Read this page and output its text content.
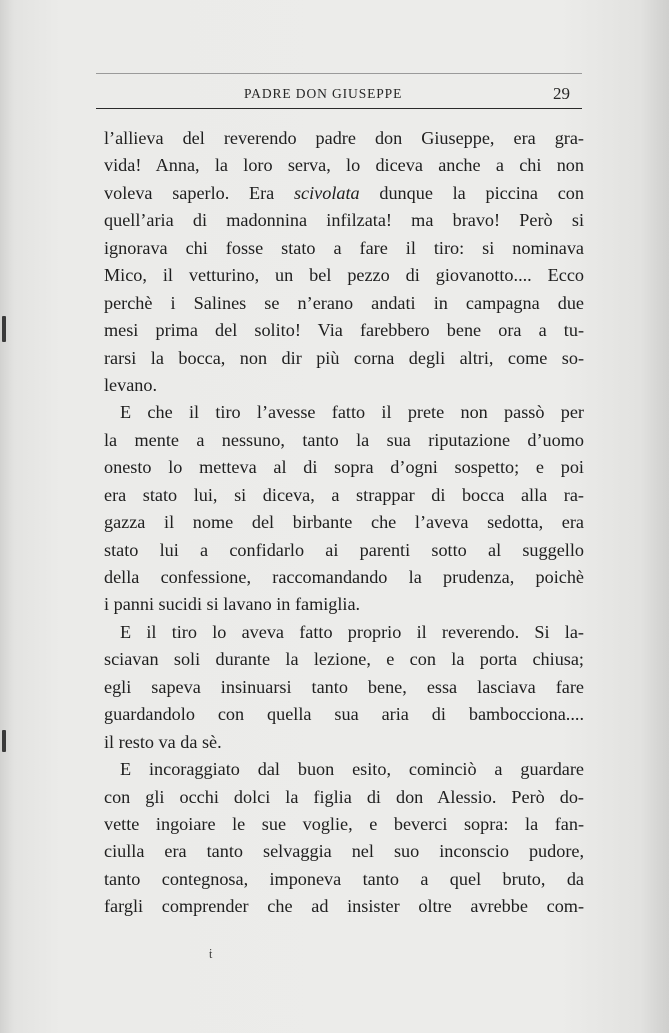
PADRE DON GIUSEPPE	29
l’allieva del reverendo padre don Giuseppe, era gra-
vida! Anna, la loro serva, lo diceva anche a chi non
voleva saperlo. Era scivolata dunque la piccina con
quell’aria di madonnina infilzata! ma bravo! Però si
ignorava chi fosse stato a fare il tiro: si nominava
Mico, il vetturino, un bel pezzo di giovanotto.... Ecco
perchè i Salines se n’erano andati in campagna due
mesi prima del solito! Via farebbero bene ora a tu-
rarsi la bocca, non dir più corna degli altri, come so-
levano.
E che il tiro l’avesse fatto il prete non passò per
la mente a nessuno, tanto la sua riputazione d’uomo
onesto lo metteva al di sopra d’ogni sospetto; e poi
era stato lui, si diceva, a strappar di bocca alla ra-
gazza il nome del birbante che l’aveva sedotta, era
stato lui a confidarlo ai parenti sotto al suggello
della confessione, raccomandando la prudenza, poichè
i panni sucidi si lavano in famiglia.
E il tiro lo aveva fatto proprio il reverendo. Si la-
sciavan soli durante la lezione, e con la porta chiusa;
egli sapeva insinuarsi tanto bene, essa lasciava fare
guardandolo con quella sua aria di bambocciona....
il resto va da sè.
E incoraggiato dal buon esito, cominciò a guardare
con gli occhi dolci la figlia di don Alessio. Però do-
vette ingoiare le sue voglie, e beverci sopra: la fan-
ciulla era tanto selvaggia nel suo inconscio pudore,
tanto contegnosa, imponeva tanto a quel bruto, da
fargli comprender che ad insister oltre avrebbe com-
ṫ
